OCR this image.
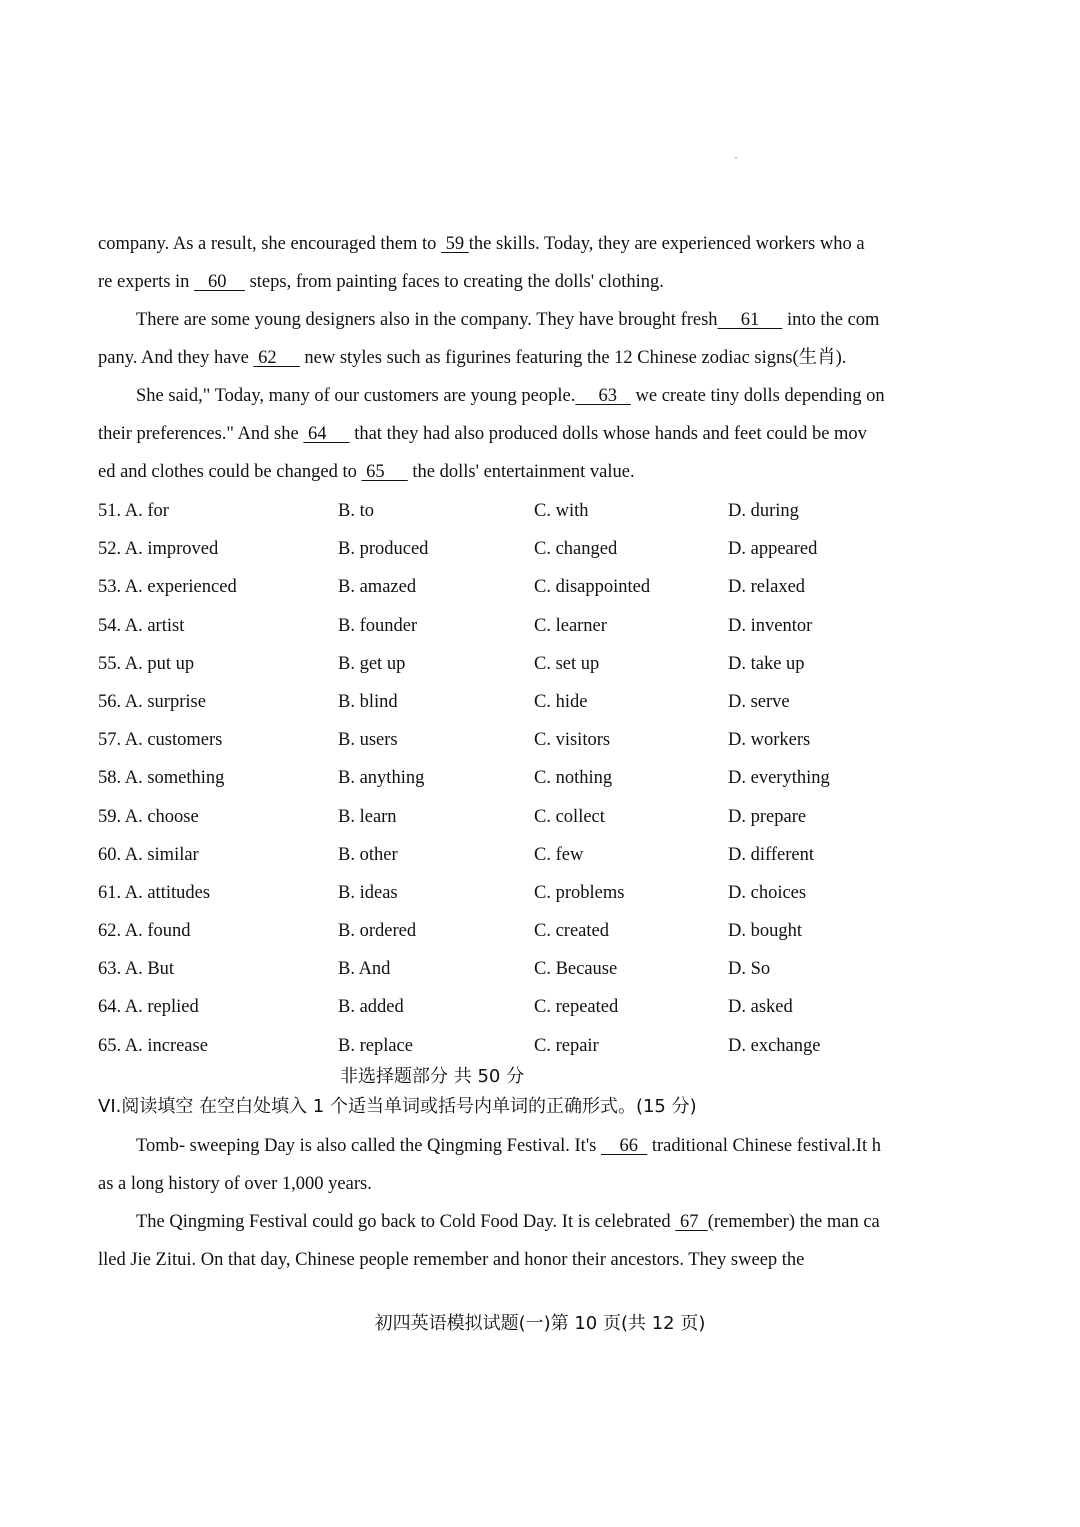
company. As a result, she encouraged them to  59 the skills. Today, they are experienced workers who a
re experts in    60     steps, from painting faces to creating the dolls' clothing.
There are some young designers also in the company. They have brought fresh     61      into the com
pany. And they have  62      new styles such as figurines featuring the 12 Chinese zodiac signs(生肖).
She said," Today, many of our customers are young people.     63    we create tiny dolls depending on
their preferences." And she  64      that they had also produced dolls whose hands and feet could be mov
ed and clothes could be changed to  65      the dolls' entertainment value.
51. A. for	B. to	C. with	D. during
52. A. improved	B. produced	C. changed	D. appeared
53. A. experienced	B. amazed	C. disappointed	D. relaxed
54. A. artist	B. founder	C. learner	D. inventor
55. A. put up	B. get up	C. set up	D. take up
56. A. surprise	B. blind	C. hide	D. serve
57. A. customers	B. users	C. visitors	D. workers
58. A. something	B. anything	C. nothing	D. everything
59. A. choose	B. learn	C. collect	D. prepare
60. A. similar	B. other	C. few	D. different
61. A. attitudes	B. ideas	C. problems	D. choices
62. A. found	B. ordered	C. created	D. bought
63. A. But	B. And	C. Because	D. So
64. A. replied	B. added	C. repeated	D. asked
65. A. increase	B. replace	C. repair	D. exchange
非选择题部分 共 50 分
VI.阅读填空 在空白处填入 1 个适当单词或括号内单词的正确形式。(15 分)
Tomb- sweeping Day is also called the Qingming Festival. It's     66   traditional Chinese festival.It h
as a long history of over 1,000 years.
The Qingming Festival could go back to Cold Food Day. It is celebrated  67  (remember) the man ca
lled Jie Zitui. On that day, Chinese people remember and honor their ancestors. They sweep the
初四英语模拟试题(一)第 10 页(共 12 页)
